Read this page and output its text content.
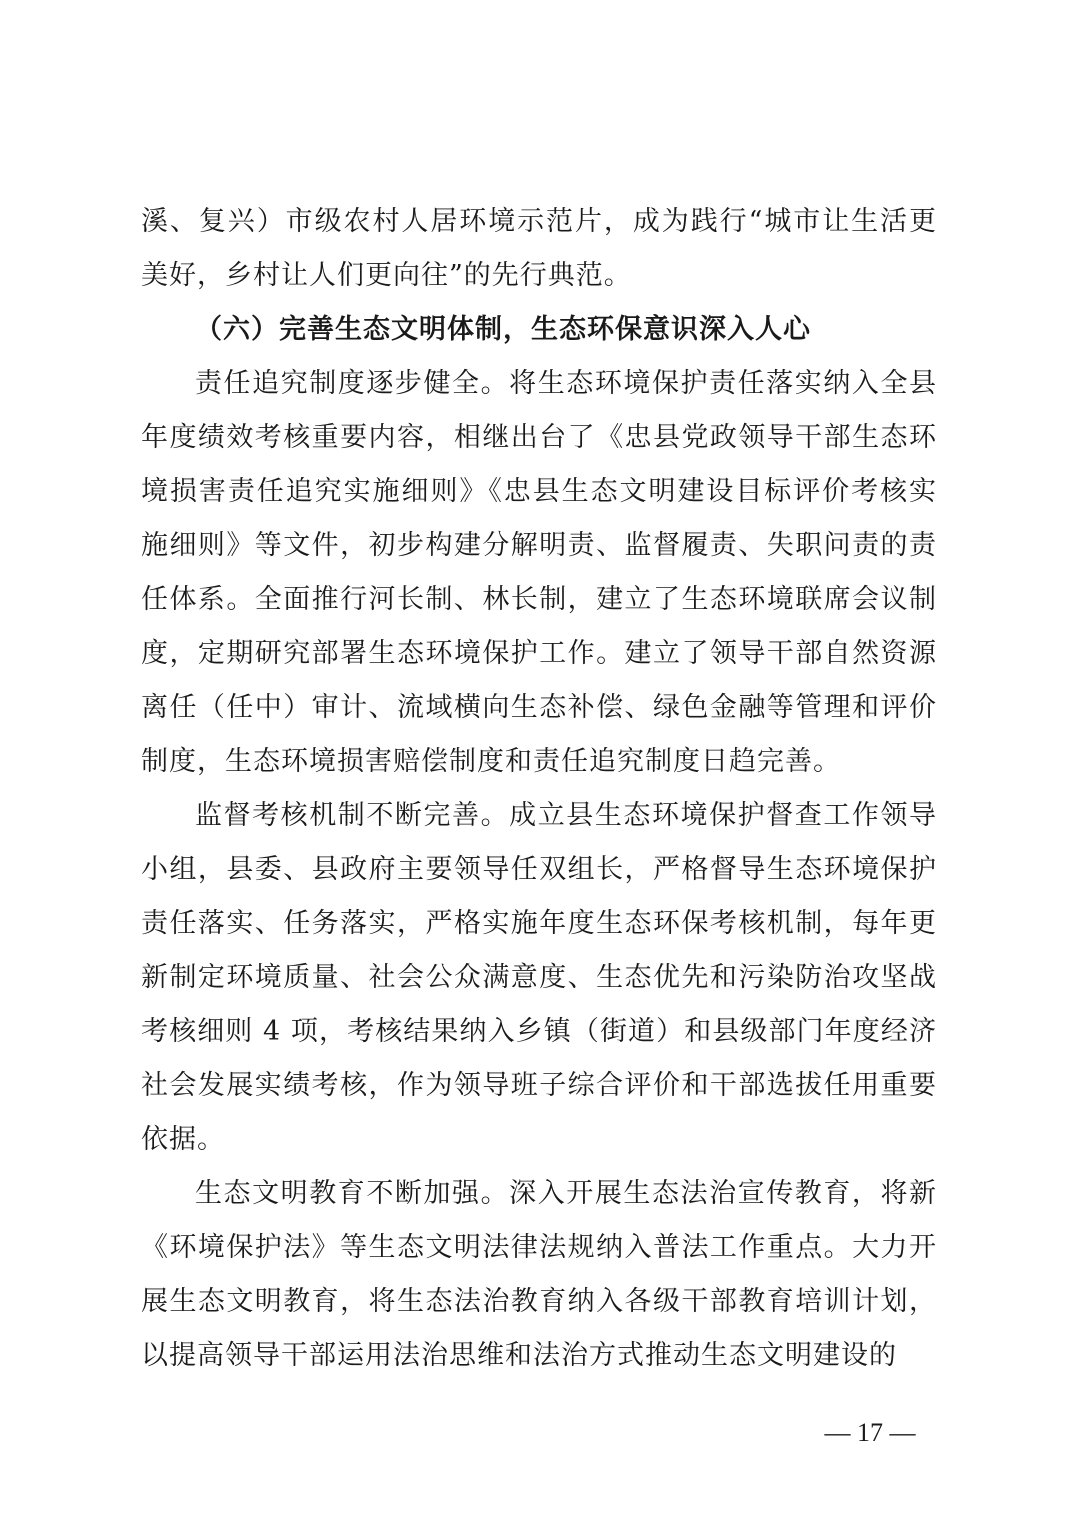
溪、复兴）市级农村人居环境示范片，成为践行“城市让生活更美好，乡村让人们更向往”的先行典范。

（六）完善生态文明体制，生态环保意识深入人心

责任追究制度逐步健全。将生态环境保护责任落实纳入全县年度绩效考核重要内容，相继出台了《忠县党政领导干部生态环境损害责任追究实施细则》《忠县生态文明建设目标评价考核实施细则》等文件，初步构建分解明责、监督履责、失职问责的责任体系。全面推行河长制、林长制，建立了生态环境联席会议制度，定期研究部署生态环境保护工作。建立了领导干部自然资源离任（任中）审计、流域横向生态补偿、绿色金融等管理和评价制度，生态环境损害赔偿制度和责任追究制度日趋完善。

监督考核机制不断完善。成立县生态环境保护督查工作领导小组，县委、县政府主要领导任双组长，严格督导生态环境保护责任落实、任务落实，严格实施年度生态环保考核机制，每年更新制定环境质量、社会公众满意度、生态优先和污染防治攻坚战考核细则 4 项，考核结果纳入乡镇（街道）和县级部门年度经济社会发展实绩考核，作为领导班子综合评价和干部选拔任用重要依据。

生态文明教育不断加强。深入开展生态法治宣传教育，将新《环境保护法》等生态文明法律法规纳入普法工作重点。大力开展生态文明教育，将生态法治教育纳入各级干部教育培训计划，以提高领导干部运用法治思维和法治方式推动生态文明建设的

— 17 —
